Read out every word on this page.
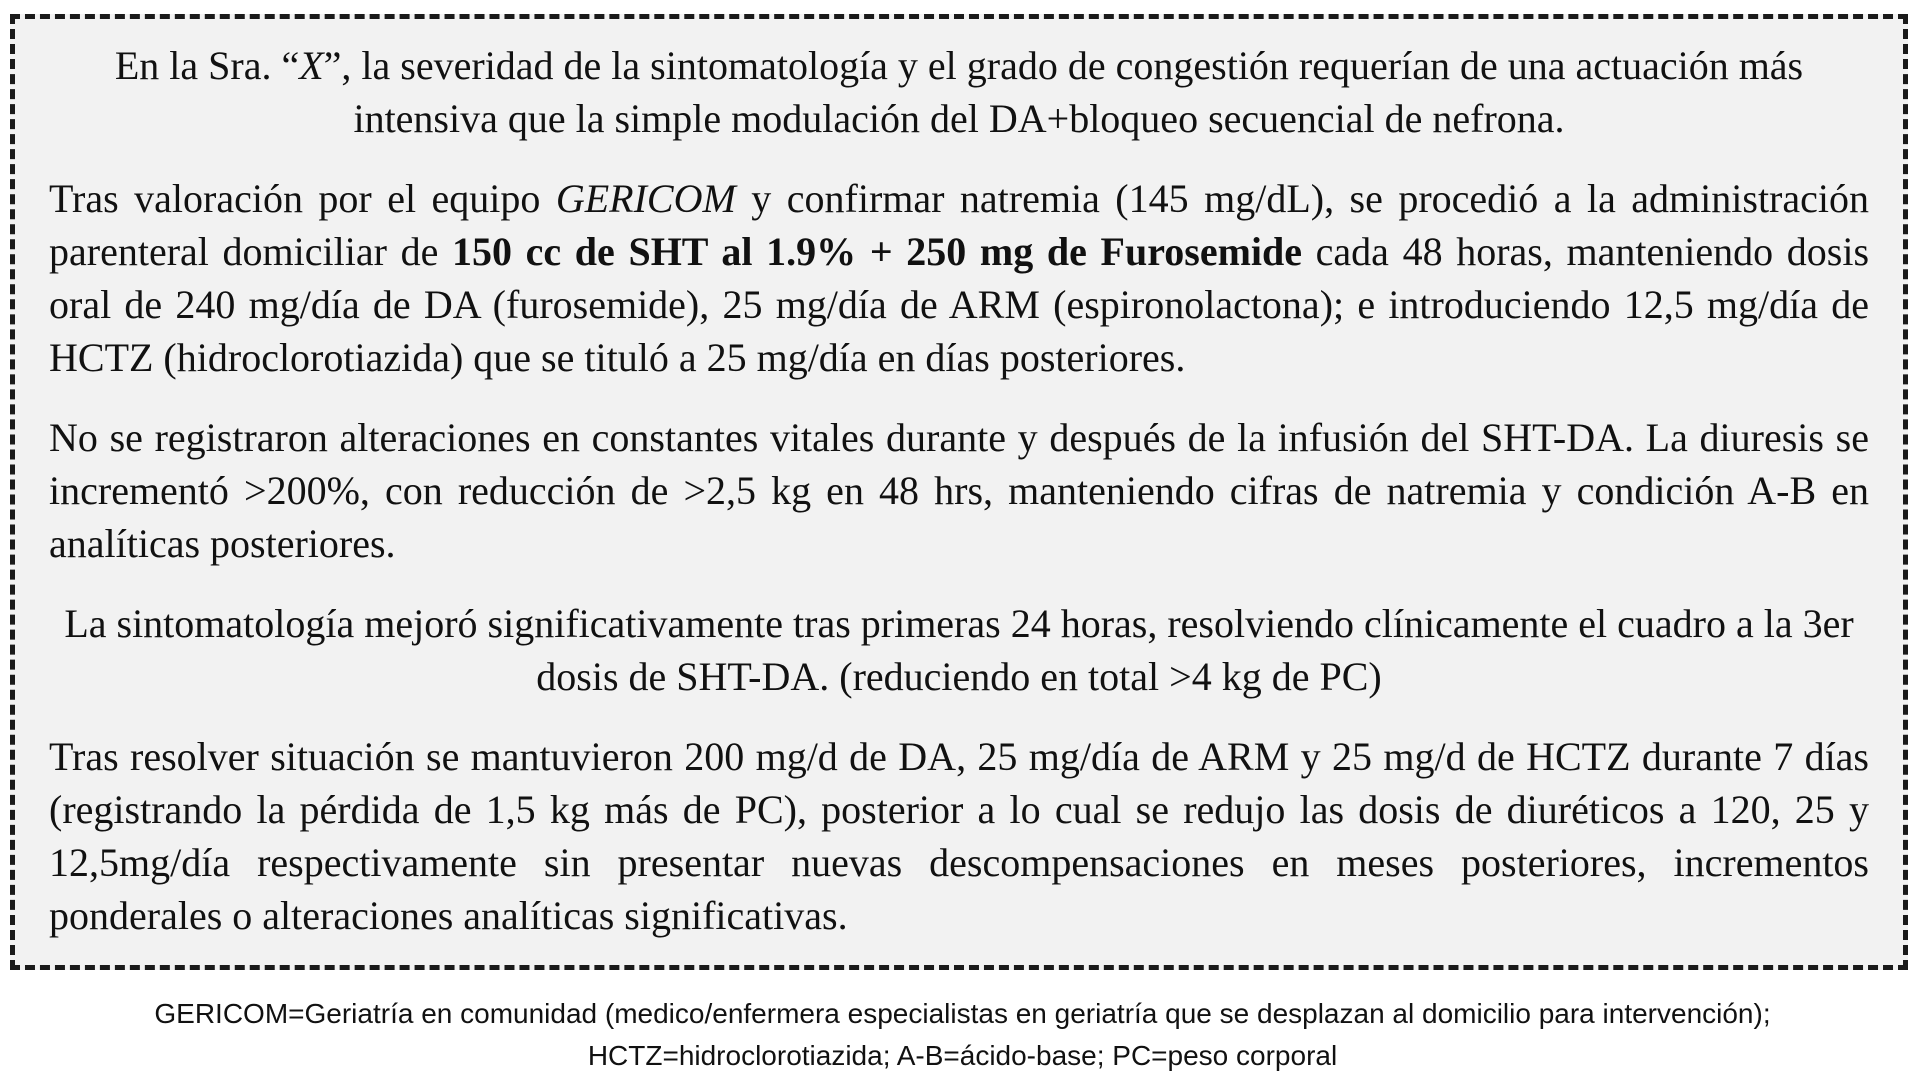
En la Sra. “X”, la severidad de la sintomatología y el grado de congestión requerían de una actuación más intensiva que la simple modulación del DA+bloqueo secuencial de nefrona.

Tras valoración por el equipo GERICOM y confirmar natremia (145 mg/dL), se procedió a la administración parenteral domiciliar de 150 cc de SHT al 1.9% + 250 mg de Furosemide cada 48 horas, manteniendo dosis oral de 240 mg/día de DA (furosemide), 25 mg/día de ARM (espironolactona); e introduciendo 12,5 mg/día de HCTZ (hidroclorotiazida) que se tituló a 25 mg/día en días posteriores.

No se registraron alteraciones en constantes vitales durante y después de la infusión del SHT-DA. La diuresis se incrementó >200%, con reducción de >2,5 kg en 48 hrs, manteniendo cifras de natremia y condición A-B en analíticas posteriores.

La sintomatología mejoró significativamente tras primeras 24 horas, resolviendo clínicamente el cuadro a la 3er dosis de SHT-DA. (reduciendo en total >4 kg de PC)

Tras resolver situación se mantuvieron 200 mg/d de DA, 25 mg/día de ARM y 25 mg/d de HCTZ durante 7 días (registrando la pérdida de 1,5 kg más de PC), posterior a lo cual se redujo las dosis de diuréticos a 120, 25 y 12,5mg/día respectivamente sin presentar nuevas descompensaciones en meses posteriores, incrementos ponderales o alteraciones analíticas significativas.

GERICOM=Geriatría en comunidad (medico/enfermera especialistas en geriatría que se desplazan al domicilio para intervención);
HCTZ=hidroclorotiazida; A-B=ácido-base; PC=peso corporal
